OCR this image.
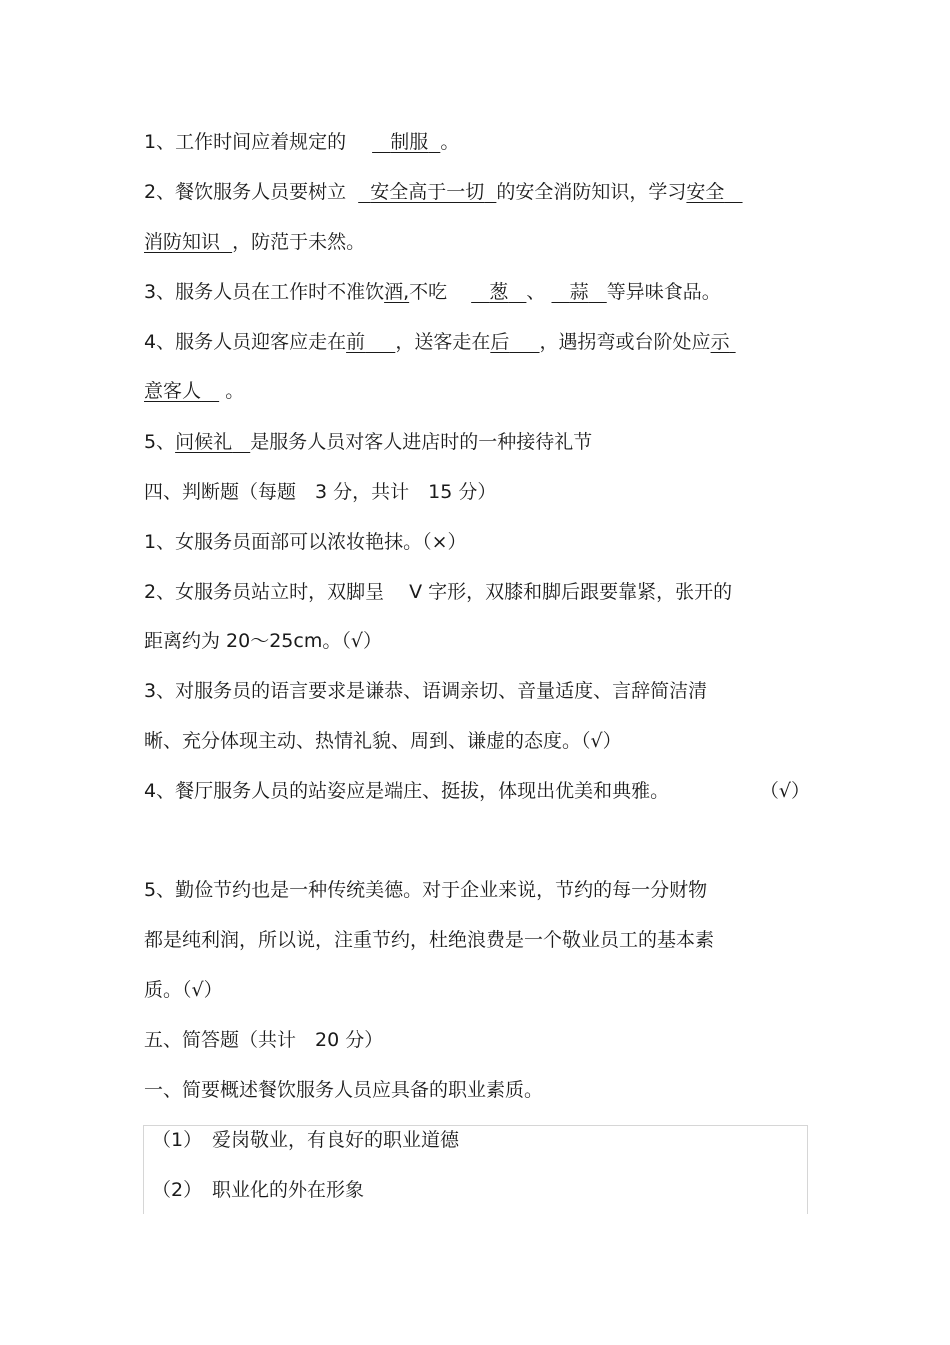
1、工作时间应着规定的 制服 。
2、餐饮服务人员要树立 安全高于一切 的安全消防知识，学习安全
消防知识 ，防范于未然。
3、服务人员在工作时不准饮酒,不吃 葱 、 蒜 等异味食品。
4、服务人员迎客应走在前 ，送客走在后 ，遇拐弯或台阶处应示
意客人 。
5、问候礼 是服务人员对客人进店时的一种接待礼节
四、判断题（每题　3 分，共计　15 分）
1、女服务员面部可以浓妆艳抹。（×）
2、女服务员站立时，双脚呈　 V 字形，双膝和脚后跟要靠紧，张开的
距离约为 20～25cm。（√）
3、对服务员的语言要求是谦恭、语调亲切、音量适度、言辞简洁清
晰、充分体现主动、热情礼貌、周到、谦虚的态度。（√）
4、餐厅服务人员的站姿应是端庄、挺拔，体现出优美和典雅。	（√）
5、勤俭节约也是一种传统美德。对于企业来说，节约的每一分财物
都是纯利润，所以说，注重节约，杜绝浪费是一个敬业员工的基本素
质。（√）
五、简答题（共计　20 分）
一、简要概述餐饮服务人员应具备的职业素质。
（1） 爱岗敬业，有良好的职业道德
（2） 职业化的外在形象
